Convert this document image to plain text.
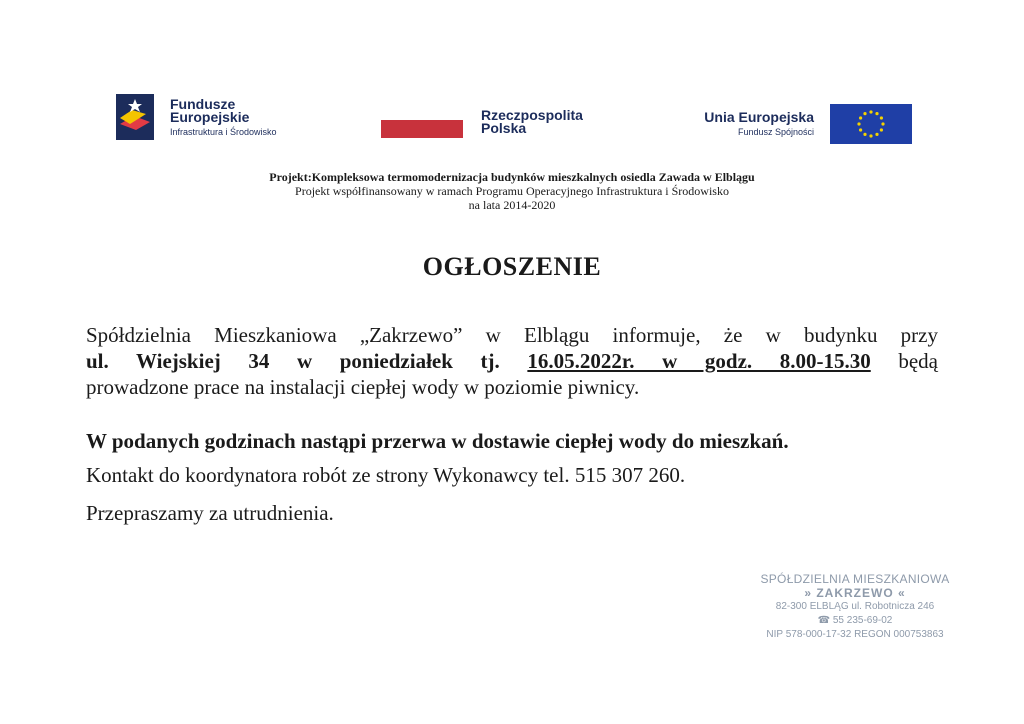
Fundusze
Europejskie
Infrastruktura i Środowisko
Rzeczpospolita
Polska
Unia Europejska
Fundusz Spójności
Projekt:Kompleksowa termomodernizacja budynków mieszkalnych osiedla Zawada w Elblągu
Projekt współfinansowany w ramach Programu Operacyjnego Infrastruktura i Środowisko
na lata 2014-2020
OGŁOSZENIE
Spółdzielnia Mieszkaniowa „Zakrzewo” w Elblągu informuje, że w budynku przy
ul. Wiejskiej 34 w poniedziałek tj. 16.05.2022r. w godz. 8.00-15.30 będą
prowadzone prace na instalacji ciepłej wody w poziomie piwnicy.
W podanych godzinach nastąpi przerwa w dostawie ciepłej wody do mieszkań.
Kontakt do koordynatora robót ze strony Wykonawcy tel. 515 307 260.
Przepraszamy za utrudnienia.
SPÓŁDZIELNIA MIESZKANIOWA
» ZAKRZEWO «
82-300 ELBLĄG ul. Robotnicza 246
☎ 55 235-69-02
NIP 578-000-17-32 REGON 000753863
